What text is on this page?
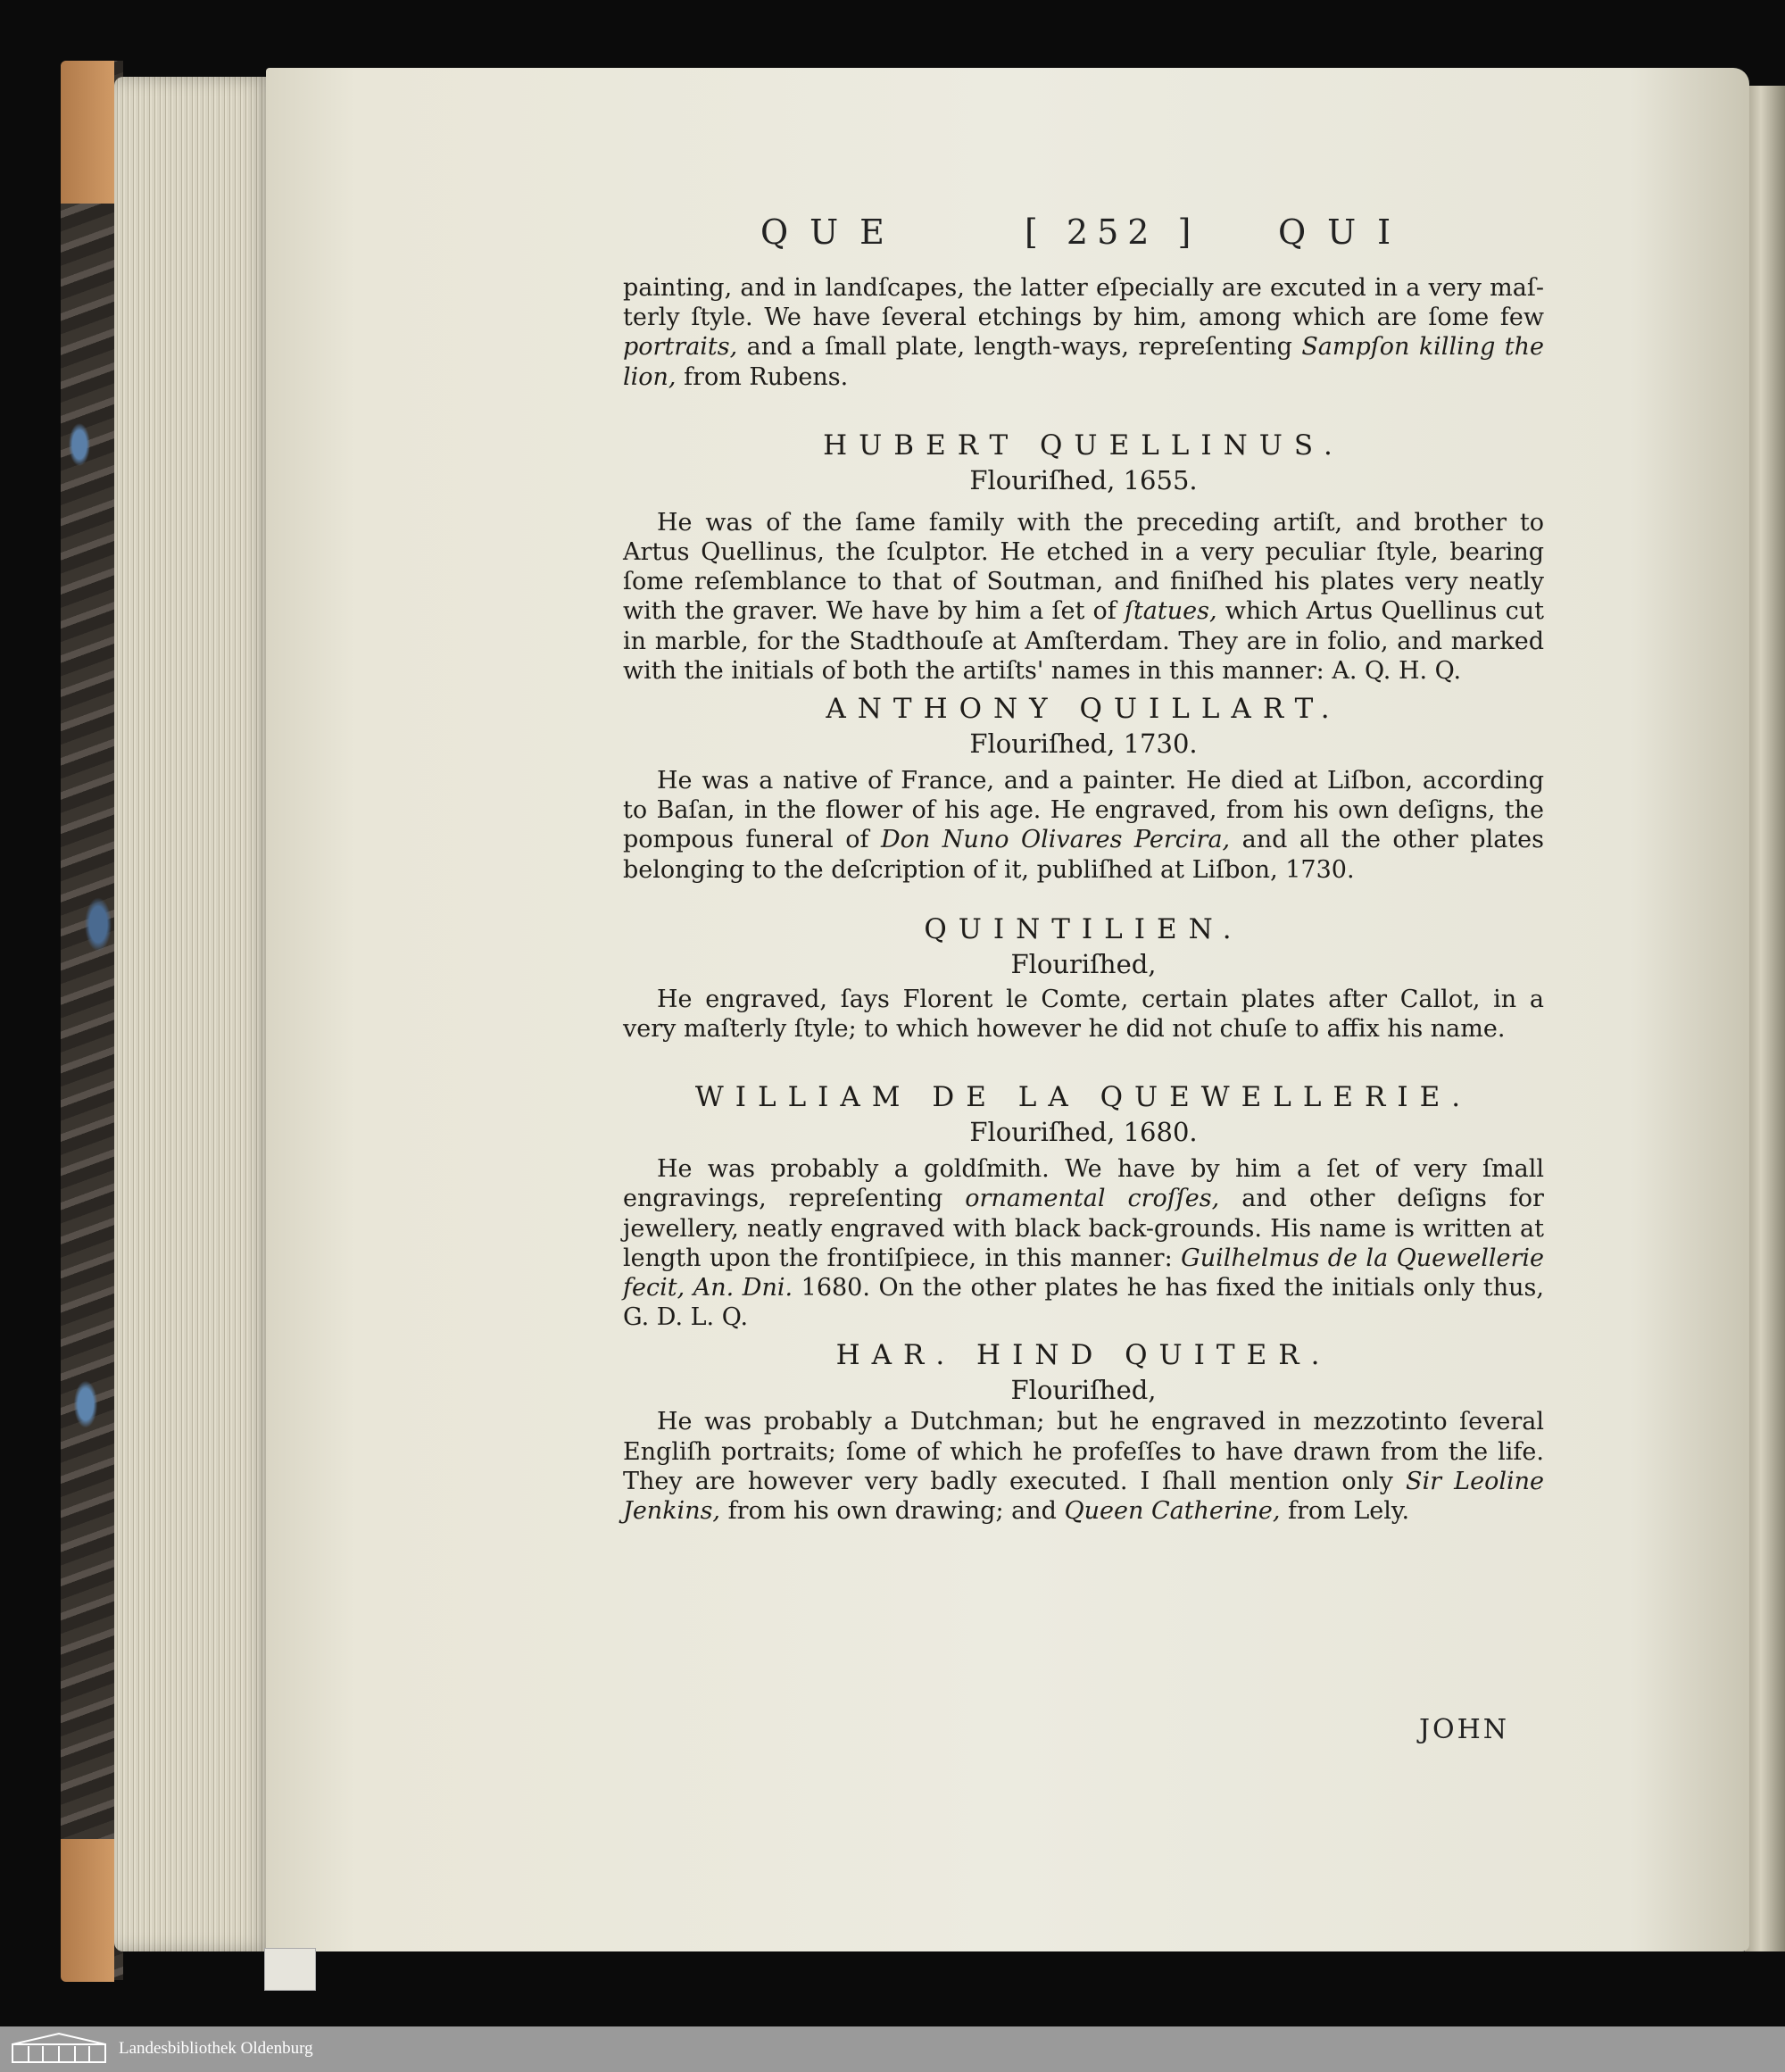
QUE	[ 252 ] QUI

painting, and in landſcapes, the latter eſpecially are excuted in a very maſ- terly ſtyle. We have ſeveral etchings by him, among which are ſome few portraits, and a ſmall plate, length-ways, repreſenting Sampſon killing the lion, from Rubens.

HUBERT QUELLINUS.

Flouriſhed, 1655.

He was of the ſame family with the preceding artiſt, and brother to Artus Quellinus, the ſculptor. He etched in a very peculiar ſtyle, bearing ſome reſemblance to that of Soutman, and finiſhed his plates very neatly with the graver. We have by him a ſet of ſtatues, which Artus Quellinus cut in marble, for the Stadthouſe at Amſterdam. They are in folio, and marked with the initials of both the artiſts' names in this manner: A. Q. H. Q.

ANTHONY QUILLART.

Flouriſhed, 1730.

He was a native of France, and a painter. He died at Liſbon, according to Baſan, in the flower of his age. He engraved, from his own deſigns, the pompous funeral of Don Nuno Olivares Percira, and all the other plates belonging to the deſcription of it, publiſhed at Liſbon, 1730.

QUINTILIEN.

Flouriſhed,

He engraved, ſays Florent le Comte, certain plates after Callot, in a very maſterly ſtyle; to which however he did not chuſe to affix his name.

WILLIAM DE LA QUEWELLERIE.

Flouriſhed, 1680.

He was probably a goldſmith. We have by him a ſet of very ſmall engravings, repreſenting ornamental croſſes, and other deſigns for jewellery, neatly engraved with black back-grounds. His name is written at length upon the frontiſpiece, in this manner: Guilhelmus de la Quewellerie fecit, An. Dni. 1680. On the other plates he has fixed the initials only thus, G. D. L. Q.

HAR. HIND QUITER.

Flouriſhed,

He was probably a Dutchman; but he engraved in mezzotinto ſeveral Engliſh portraits; ſome of which he profeſſes to have drawn from the life. They are however very badly executed. I ſhall mention only Sir Leoline Jenkins, from his own drawing; and Queen Catherine, from Lely.

JOHN
Landesbibliothek Oldenburg
